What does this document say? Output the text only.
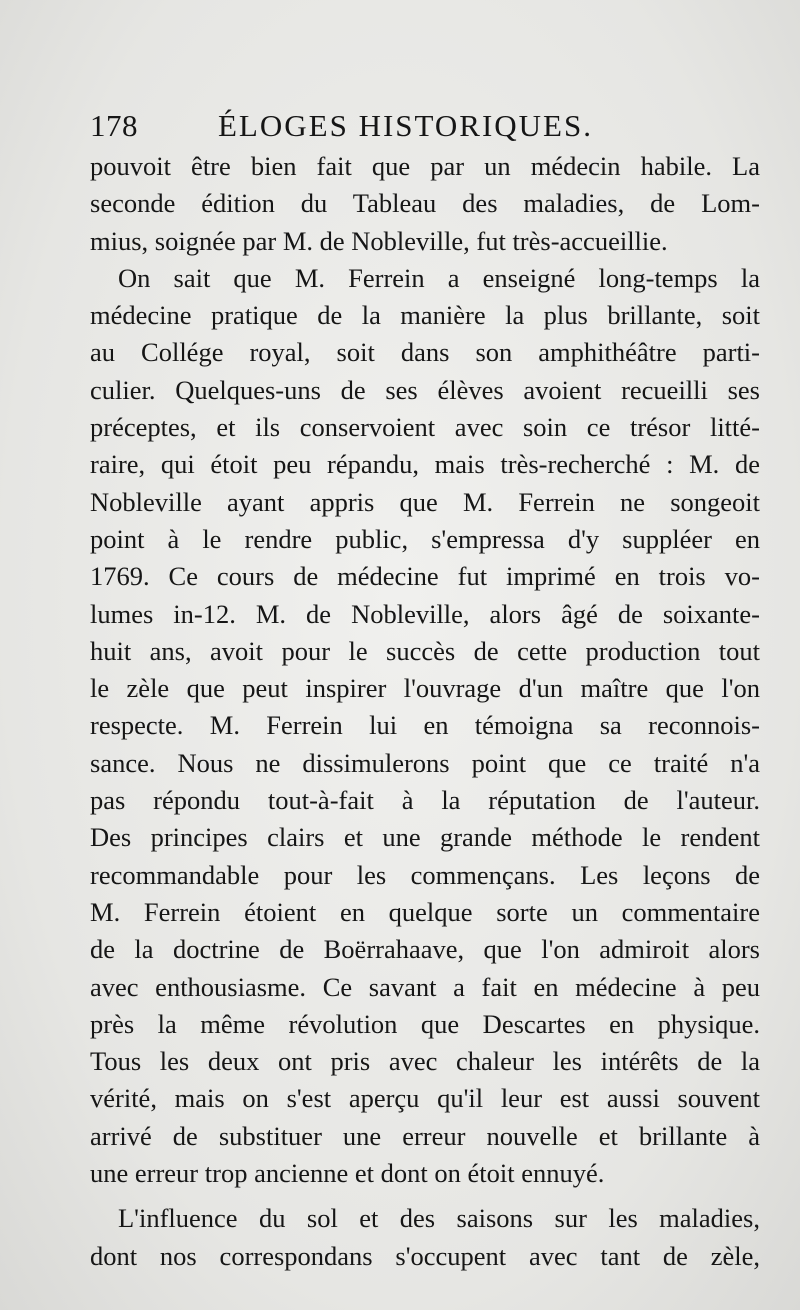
178	ÉLOGES HISTORIQUES.
pouvoit être bien fait que par un médecin habile. La
seconde édition du Tableau des maladies, de Lom-
mius, soignée par M. de Nobleville, fut très-accueillie.
On sait que M. Ferrein a enseigné long-temps la
médecine pratique de la manière la plus brillante, soit
au Collége royal, soit dans son amphithéâtre parti-
culier. Quelques-uns de ses élèves avoient recueilli ses
préceptes, et ils conservoient avec soin ce trésor litté-
raire, qui étoit peu répandu, mais très-recherché : M. de
Nobleville ayant appris que M. Ferrein ne songeoit
point à le rendre public, s'empressa d'y suppléer en
1769. Ce cours de médecine fut imprimé en trois vo-
lumes in-12. M. de Nobleville, alors âgé de soixante-
huit ans, avoit pour le succès de cette production tout
le zèle que peut inspirer l'ouvrage d'un maître que l'on
respecte. M. Ferrein lui en témoigna sa reconnois-
sance. Nous ne dissimulerons point que ce traité n'a
pas répondu tout-à-fait à la réputation de l'auteur.
Des principes clairs et une grande méthode le rendent
recommandable pour les commençans. Les leçons de
M. Ferrein étoient en quelque sorte un commentaire
de la doctrine de Boërrahaave, que l'on admiroit alors
avec enthousiasme. Ce savant a fait en médecine à peu
près la même révolution que Descartes en physique.
Tous les deux ont pris avec chaleur les intérêts de la
vérité, mais on s'est aperçu qu'il leur est aussi souvent
arrivé de substituer une erreur nouvelle et brillante à
une erreur trop ancienne et dont on étoit ennuyé.
L'influence du sol et des saisons sur les maladies,
dont nos correspondans s'occupent avec tant de zèle,
